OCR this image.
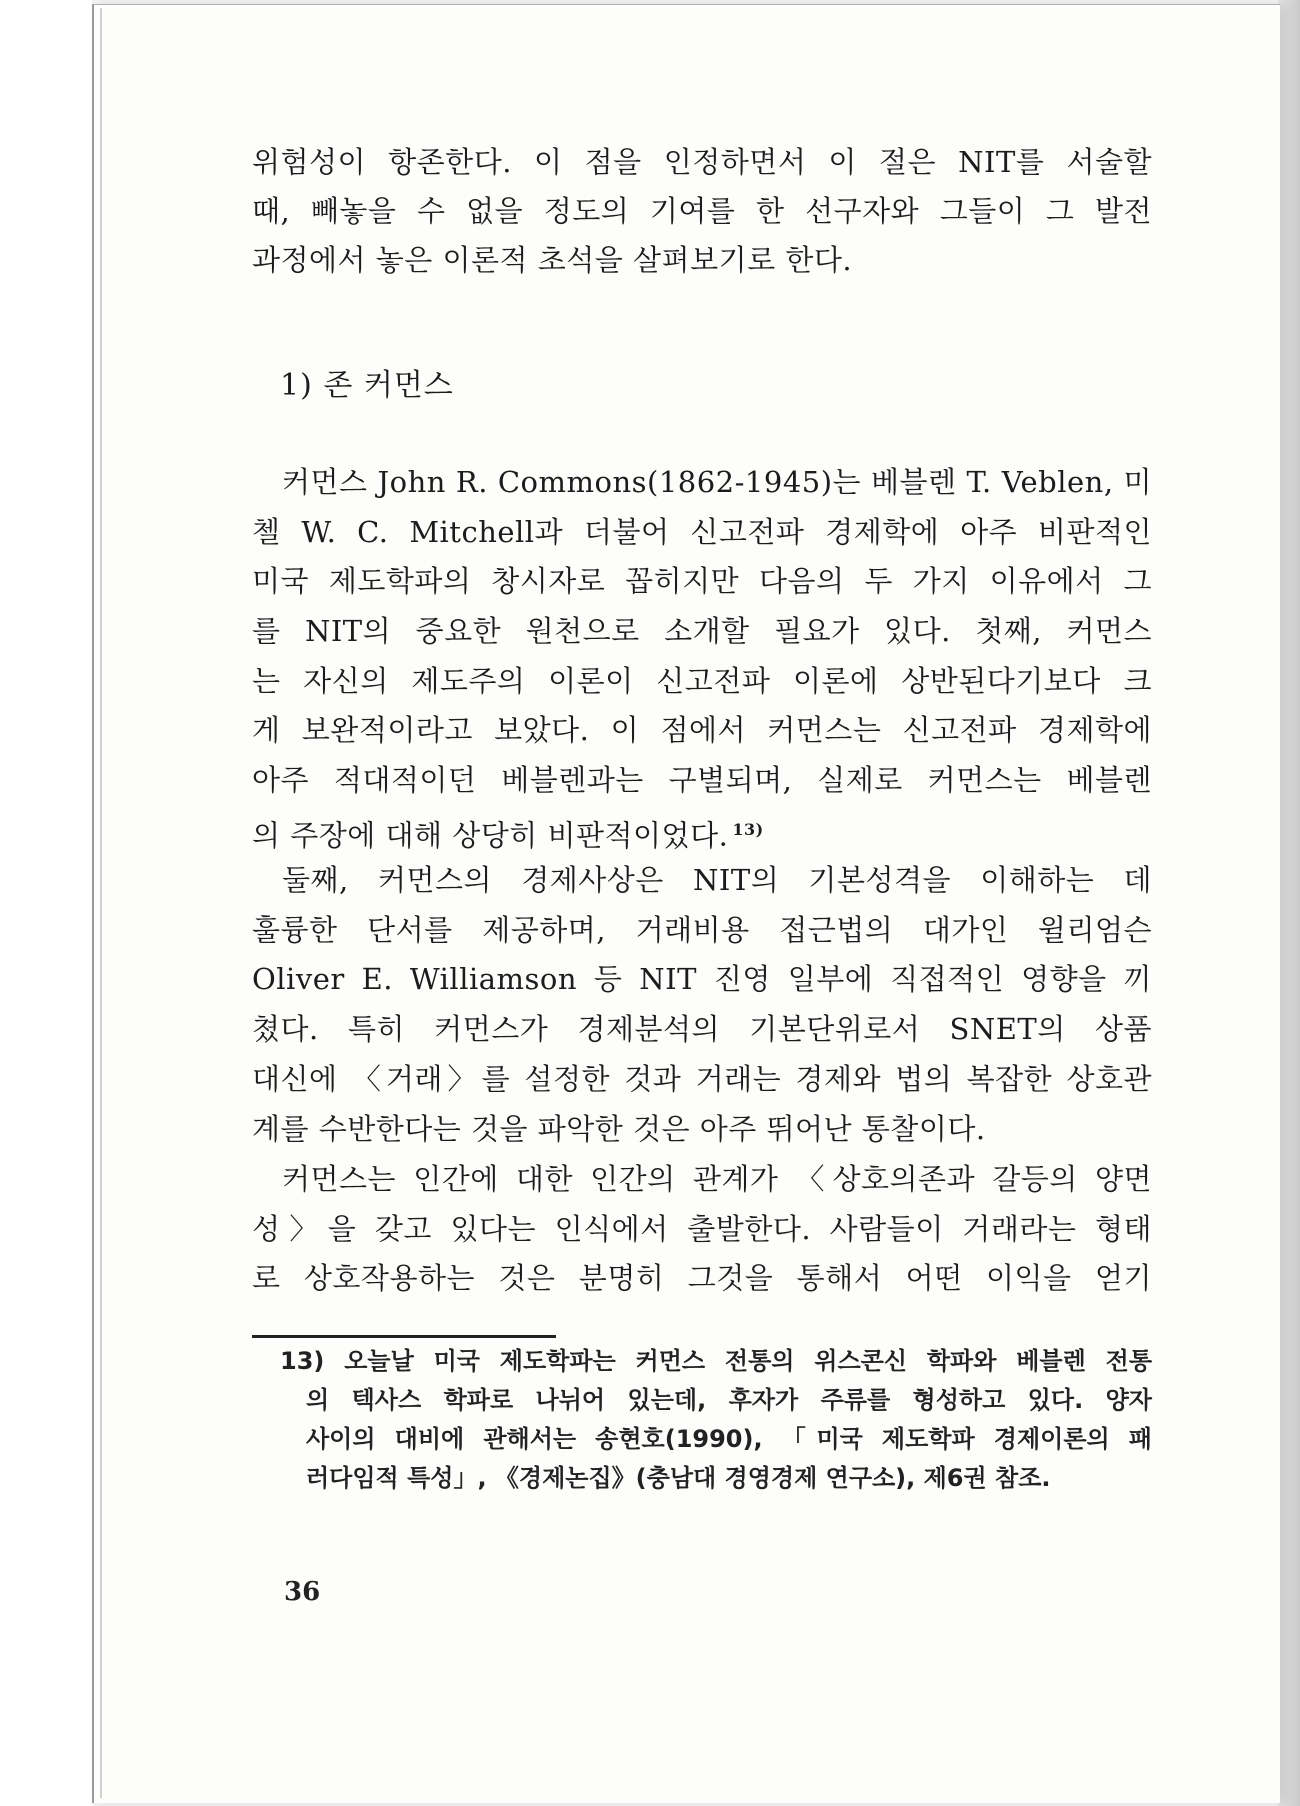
위험성이 항존한다. 이 점을 인정하면서 이 절은 NIT를 서술할
때, 빼놓을 수 없을 정도의 기여를 한 선구자와 그들이 그 발전
과정에서 놓은 이론적 초석을 살펴보기로 한다.
1) 존 커먼스
커먼스 John R. Commons(1862-1945)는 베블렌 T. Veblen, 미
첼 W. C. Mitchell과 더불어 신고전파 경제학에 아주 비판적인
미국 제도학파의 창시자로 꼽히지만 다음의 두 가지 이유에서 그
를 NIT의 중요한 원천으로 소개할 필요가 있다. 첫째, 커먼스
는 자신의 제도주의 이론이 신고전파 이론에 상반된다기보다 크
게 보완적이라고 보았다. 이 점에서 커먼스는 신고전파 경제학에
아주 적대적이던 베블렌과는 구별되며, 실제로 커먼스는 베블렌
의 주장에 대해 상당히 비판적이었다. $^{13)}$
둘째, 커먼스의 경제사상은 NIT의 기본성격을 이해하는 데
훌륭한 단서를 제공하며, 거래비용 접근법의 대가인 윌리엄슨
Oliver E. Williamson 등 NIT 진영 일부에 직접적인 영향을 끼
쳤다. 특히 커먼스가 경제분석의 기본단위로서 SNET의 상품
대신에 〈거래〉를 설정한 것과 거래는 경제와 법의 복잡한 상호관
계를 수반한다는 것을 파악한 것은 아주 뛰어난 통찰이다.
커먼스는 인간에 대한 인간의 관계가 〈상호의존과 갈등의 양면
성〉을 갖고 있다는 인식에서 출발한다. 사람들이 거래라는 형태
로 상호작용하는 것은 분명히 그것을 통해서 어떤 이익을 얻기
13) 오늘날 미국 제도학파는 커먼스 전통의 위스콘신 학파와 베블렌 전통
의 텍사스 학파로 나뉘어 있는데, 후자가 주류를 형성하고 있다. 양자
사이의 대비에 관해서는 송현호(1990), 「미국 제도학파 경제이론의 패
러다임적 특성」, 《경제논집》(충남대 경영경제 연구소), 제6권 참조.
36
